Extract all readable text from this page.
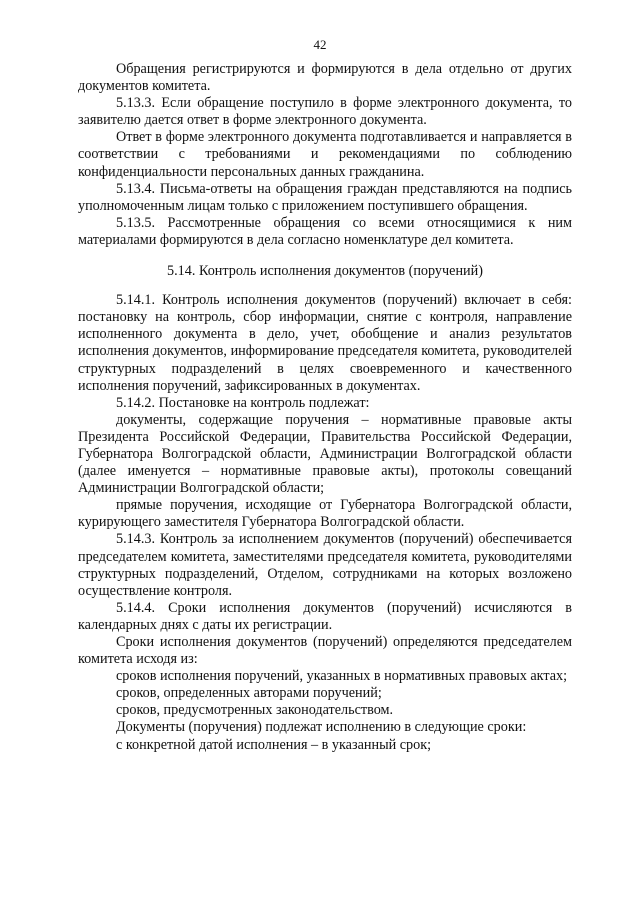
42

Обращения регистрируются и формируются в дела отдельно от других документов комитета.

5.13.3. Если обращение поступило в форме электронного документа, то заявителю дается ответ в форме электронного документа.

Ответ в форме электронного документа подготавливается и направляется в соответствии с требованиями и рекомендациями по соблюдению конфиденциальности персональных данных гражданина.

5.13.4. Письма-ответы на обращения граждан представляются на подпись уполномоченным лицам только с приложением поступившего обращения.

5.13.5. Рассмотренные обращения со всеми относящимися к ним материалами формируются в дела согласно номенклатуре дел комитета.

5.14. Контроль исполнения документов (поручений)

5.14.1. Контроль исполнения документов (поручений) включает в себя: постановку на контроль, сбор информации, снятие с контроля, направление исполненного документа в дело, учет, обобщение и анализ результатов исполнения документов, информирование председателя комитета, руководителей структурных подразделений в целях своевременного и качественного исполнения поручений, зафиксированных в документах.

5.14.2. Постановке на контроль подлежат:

документы, содержащие поручения – нормативные правовые акты Президента Российской Федерации, Правительства Российской Федерации, Губернатора Волгоградской области, Администрации Волгоградской области (далее именуется – нормативные правовые акты), протоколы совещаний Администрации Волгоградской области;

прямые поручения, исходящие от Губернатора Волгоградской области, курирующего заместителя Губернатора Волгоградской области.

5.14.3. Контроль за исполнением документов (поручений) обеспечивается председателем комитета, заместителями председателя комитета, руководителями структурных подразделений, Отделом, сотрудниками на которых возложено осуществление контроля.

5.14.4. Сроки исполнения документов (поручений) исчисляются в календарных днях с даты их регистрации.

Сроки исполнения документов (поручений) определяются председателем комитета исходя из:

сроков исполнения поручений, указанных в нормативных правовых актах;

сроков, определенных авторами поручений;

сроков, предусмотренных законодательством.

Документы (поручения) подлежат исполнению в следующие сроки:

с конкретной датой исполнения – в указанный срок;
